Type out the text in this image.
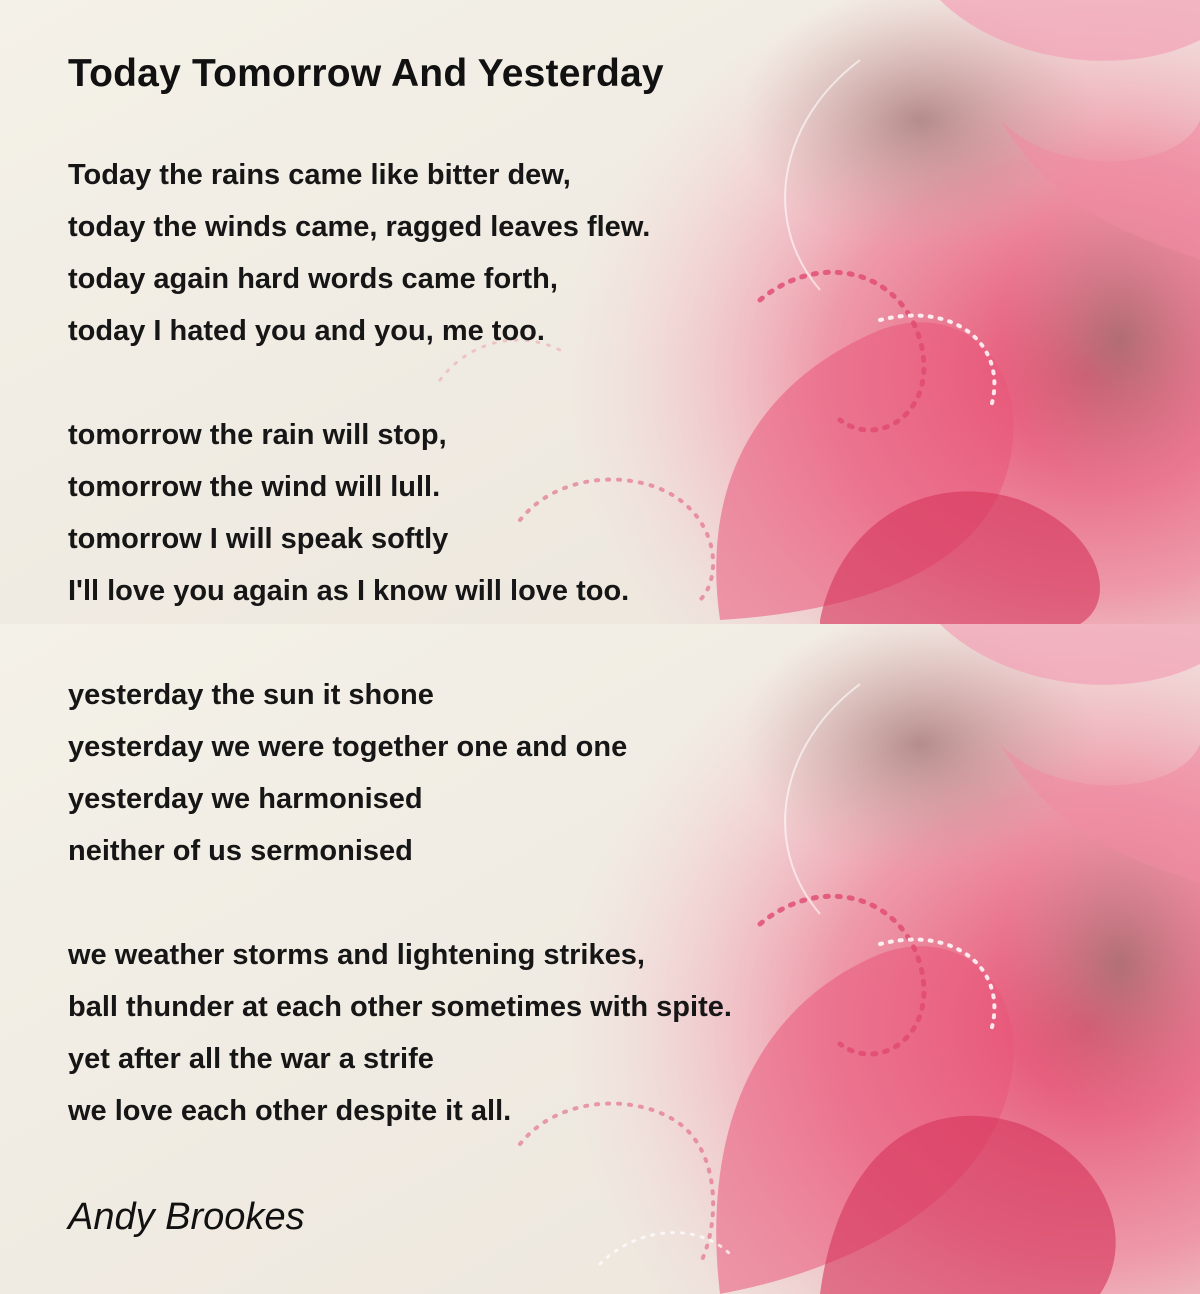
Today Tomorrow And Yesterday
Today the rains came like bitter dew,
today the winds came, ragged leaves flew.
today again hard words came forth,
today I hated you and you, me too.
tomorrow the rain will stop,
tomorrow the wind will lull.
tomorrow I will speak softly
I'll love you again as I know will love too.
yesterday the sun it shone
yesterday we were together one and one
yesterday we harmonised
neither of us sermonised
we weather storms and lightening strikes,
ball thunder at each other sometimes with spite.
yet after all the war a strife
we love each other despite it all.
Andy Brookes
